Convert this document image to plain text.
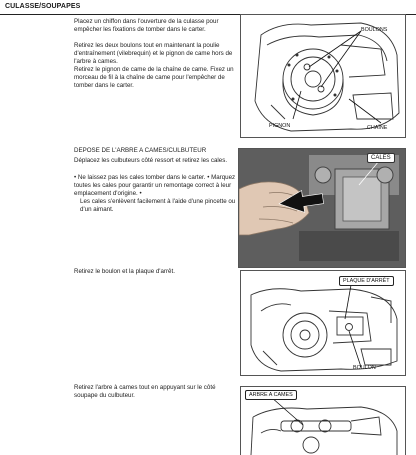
CULASSE/SOUPAPES

Placez un chiffon dans l'ouverture de la culasse pour empêcher les fixations de tomber dans le carter.

Retirez les deux boulons tout en maintenant la poulie d'entraînement (vilebrequin) et le pignon de came hors de l'arbre à cames.

Retirez le pignon de came de la chaîne de came. Fixez un morceau de fil à la chaîne de came pour l'empêcher de tomber dans le carter.

BOULONS
PIGNON	CHAÎNE
DEPOSE DE L'ARBRE A CAMES/CULBUTEUR

Déplacez les culbuteurs côté ressort et retirez les cales.

• Ne laissez pas les cales tomber dans le carter. • Marquez toutes les cales pour garantir un remontage correct à leur emplacement d'origine. •

Les cales s'enlèvent facilement à l'aide d'une pincette ou d'un aimant.

CALES

Retirez le boulon et la plaque d'arrêt.

PLAQUE D'ARRÊT
BOULON

Retirez l'arbre à cames tout en appuyant sur le côté soupape du culbuteur.	ARBRE A CAMES
